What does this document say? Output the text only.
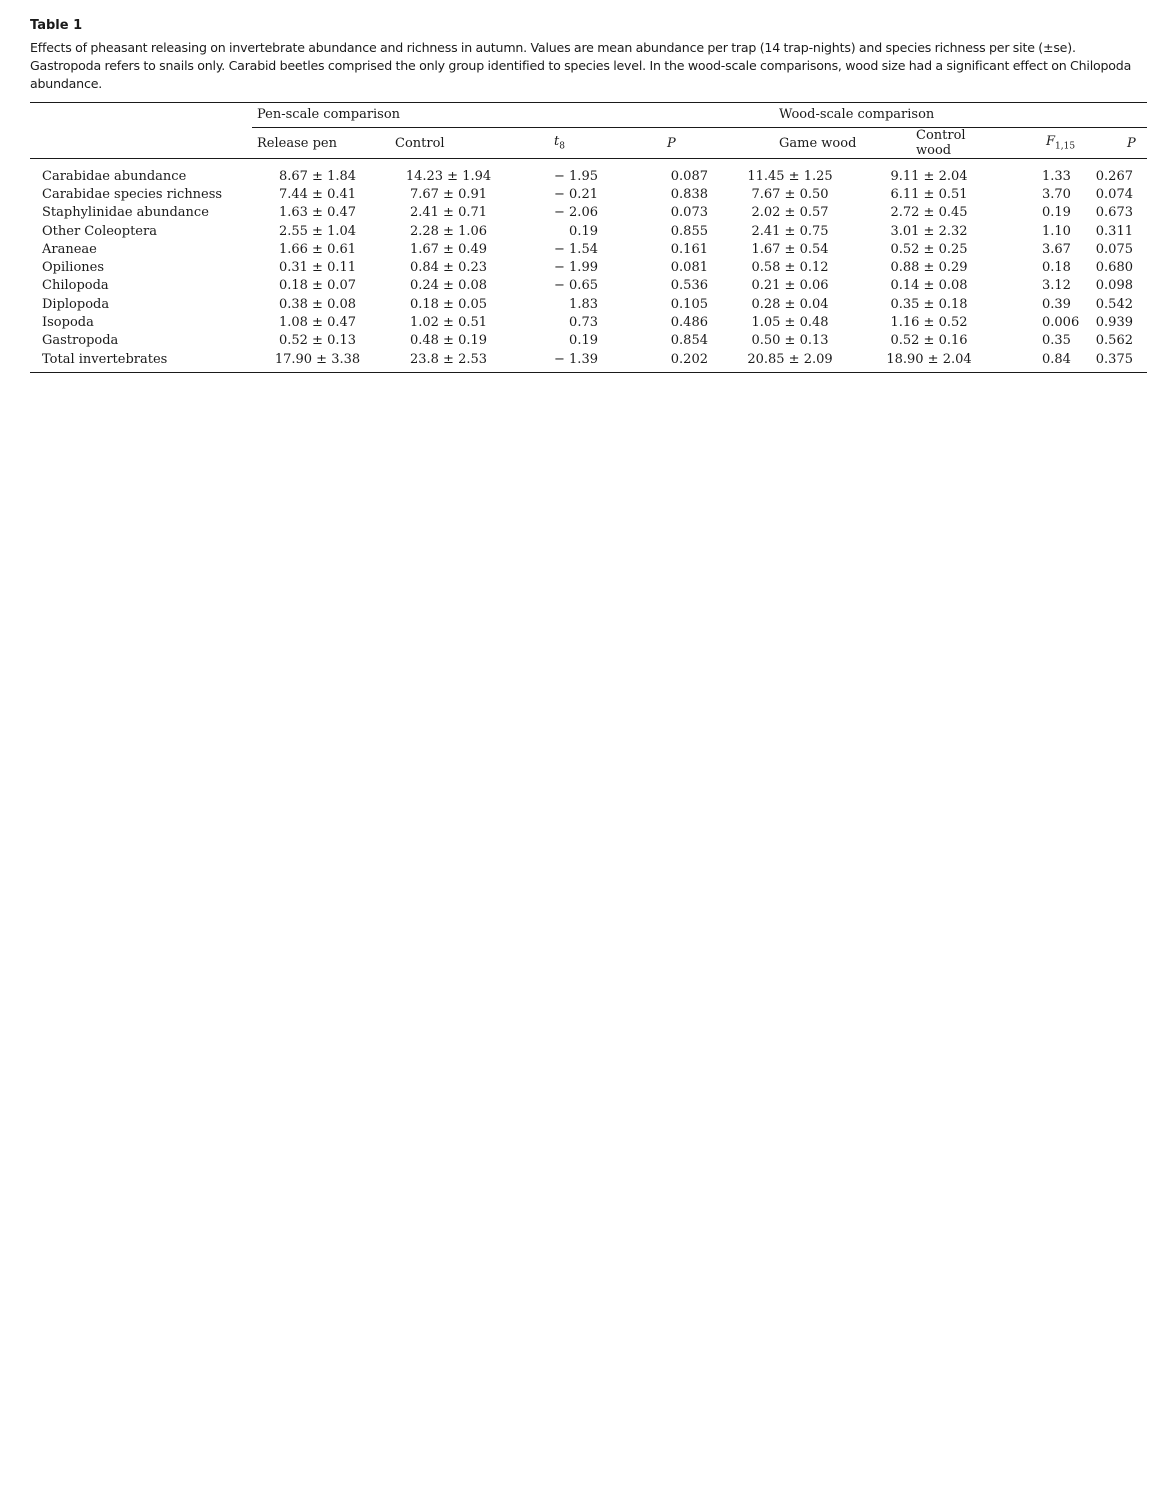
Table 1
Effects of pheasant releasing on invertebrate abundance and richness in autumn. Values are mean abundance per trap (14 trap-nights) and species richness per site (±se). Gastropoda refers to snails only. Carabid beetles comprised the only group identified to species level. In the wood-scale comparisons, wood size had a significant effect on Chilopoda abundance.

	Pen-scale comparison				Wood-scale comparison			
	Release pen	Control	$t_8$	P	Game wood	Control wood	$F_{1,15}$	P

Carabidae abundance	8.67 ± 1.84	14.23 ± 1.94	− 1.95	0.087	11.45 ± 1.25	9.11 ± 2.04	1.33	0.267
Carabidae species richness	7.44 ± 0.41	7.67 ± 0.91	− 0.21	0.838	7.67 ± 0.50	6.11 ± 0.51	3.70	0.074
Staphylinidae abundance	1.63 ± 0.47	2.41 ± 0.71	− 2.06	0.073	2.02 ± 0.57	2.72 ± 0.45	0.19	0.673
Other Coleoptera	2.55 ± 1.04	2.28 ± 1.06	0.19	0.855	2.41 ± 0.75	3.01 ± 2.32	1.10	0.311
Araneae	1.66 ± 0.61	1.67 ± 0.49	− 1.54	0.161	1.67 ± 0.54	0.52 ± 0.25	3.67	0.075
Opiliones	0.31 ± 0.11	0.84 ± 0.23	− 1.99	0.081	0.58 ± 0.12	0.88 ± 0.29	0.18	0.680
Chilopoda	0.18 ± 0.07	0.24 ± 0.08	− 0.65	0.536	0.21 ± 0.06	0.14 ± 0.08	3.12	0.098
Diplopoda	0.38 ± 0.08	0.18 ± 0.05	1.83	0.105	0.28 ± 0.04	0.35 ± 0.18	0.39	0.542
Isopoda	1.08 ± 0.47	1.02 ± 0.51	0.73	0.486	1.05 ± 0.48	1.16 ± 0.52	0.006	0.939
Gastropoda	0.52 ± 0.13	0.48 ± 0.19	0.19	0.854	0.50 ± 0.13	0.52 ± 0.16	0.35	0.562
Total invertebrates	17.90 ± 3.38	23.8 ± 2.53	− 1.39	0.202	20.85 ± 2.09	18.90 ± 2.04	0.84	0.375
